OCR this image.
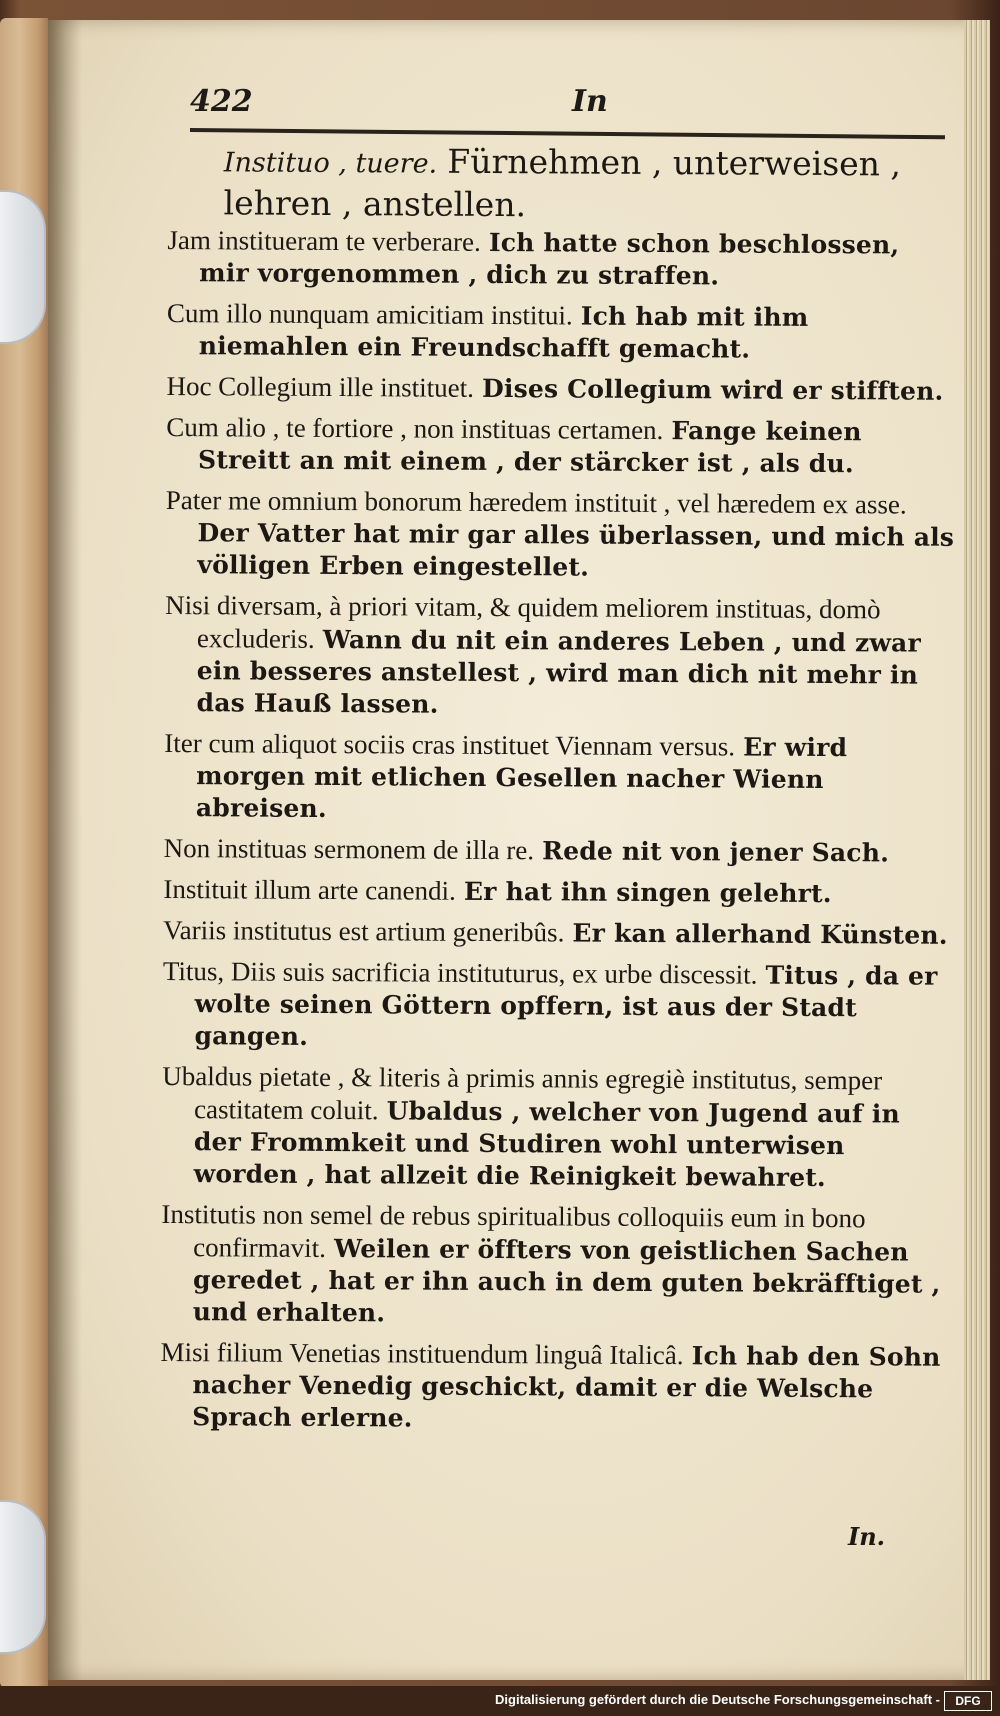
422	In
Instituo , tuere. Fürnehmen , unterweisen , lehren , anstellen.
Jam institueram te verberare. Ich hatte schon beschlossen, mir vorgenommen , dich zu straffen.
Cum illo nunquam amicitiam institui. Ich hab mit ihm niemahlen ein Freundschafft gemacht.
Hoc Collegium ille instituet. Dises Collegium wird er stifften.
Cum alio , te fortiore , non instituas certamen. Fange keinen Streitt an mit einem , der stärcker ist , als du.
Pater me omnium bonorum hæredem instituit , vel hæredem ex asse. Der Vatter hat mir gar alles überlassen, und mich als völligen Erben eingestellet.
Nisi diversam, à priori vitam, & quidem meliorem instituas, domò excluderis. Wann du nit ein anderes Leben , und zwar ein besseres anstellest , wird man dich nit mehr in das Hauß lassen.
Iter cum aliquot sociis cras instituet Viennam versus. Er wird morgen mit etlichen Gesellen nacher Wienn abreisen.
Non instituas sermonem de illa re. Rede nit von jener Sach.
Instituit illum arte canendi. Er hat ihn singen gelehrt.
Variis institutus est artium generibûs. Er kan allerhand Künsten.
Titus, Diis suis sacrificia instituturus, ex urbe discessit. Titus , da er wolte seinen Göttern opffern, ist aus der Stadt gangen.
Ubaldus pietate , & literis à primis annis egregiè institutus, semper castitatem coluit. Ubaldus , welcher von Jugend auf in der Frommkeit und Studiren wohl unterwisen worden , hat allzeit die Reinigkeit bewahret.
Institutis non semel de rebus spiritualibus colloquiis eum in bono confirmavit. Weilen er öffters von geistlichen Sachen geredet , hat er ihn auch in dem guten bekräfftiget , und erhalten.
Misi filium Venetias instituendum linguâ Italicâ. Ich hab den Sohn nacher Venedig geschickt, damit er die Welsche Sprach erlerne.
In.
Digitalisierung gefördert durch die Deutsche Forschungsgemeinschaft -	DFG
